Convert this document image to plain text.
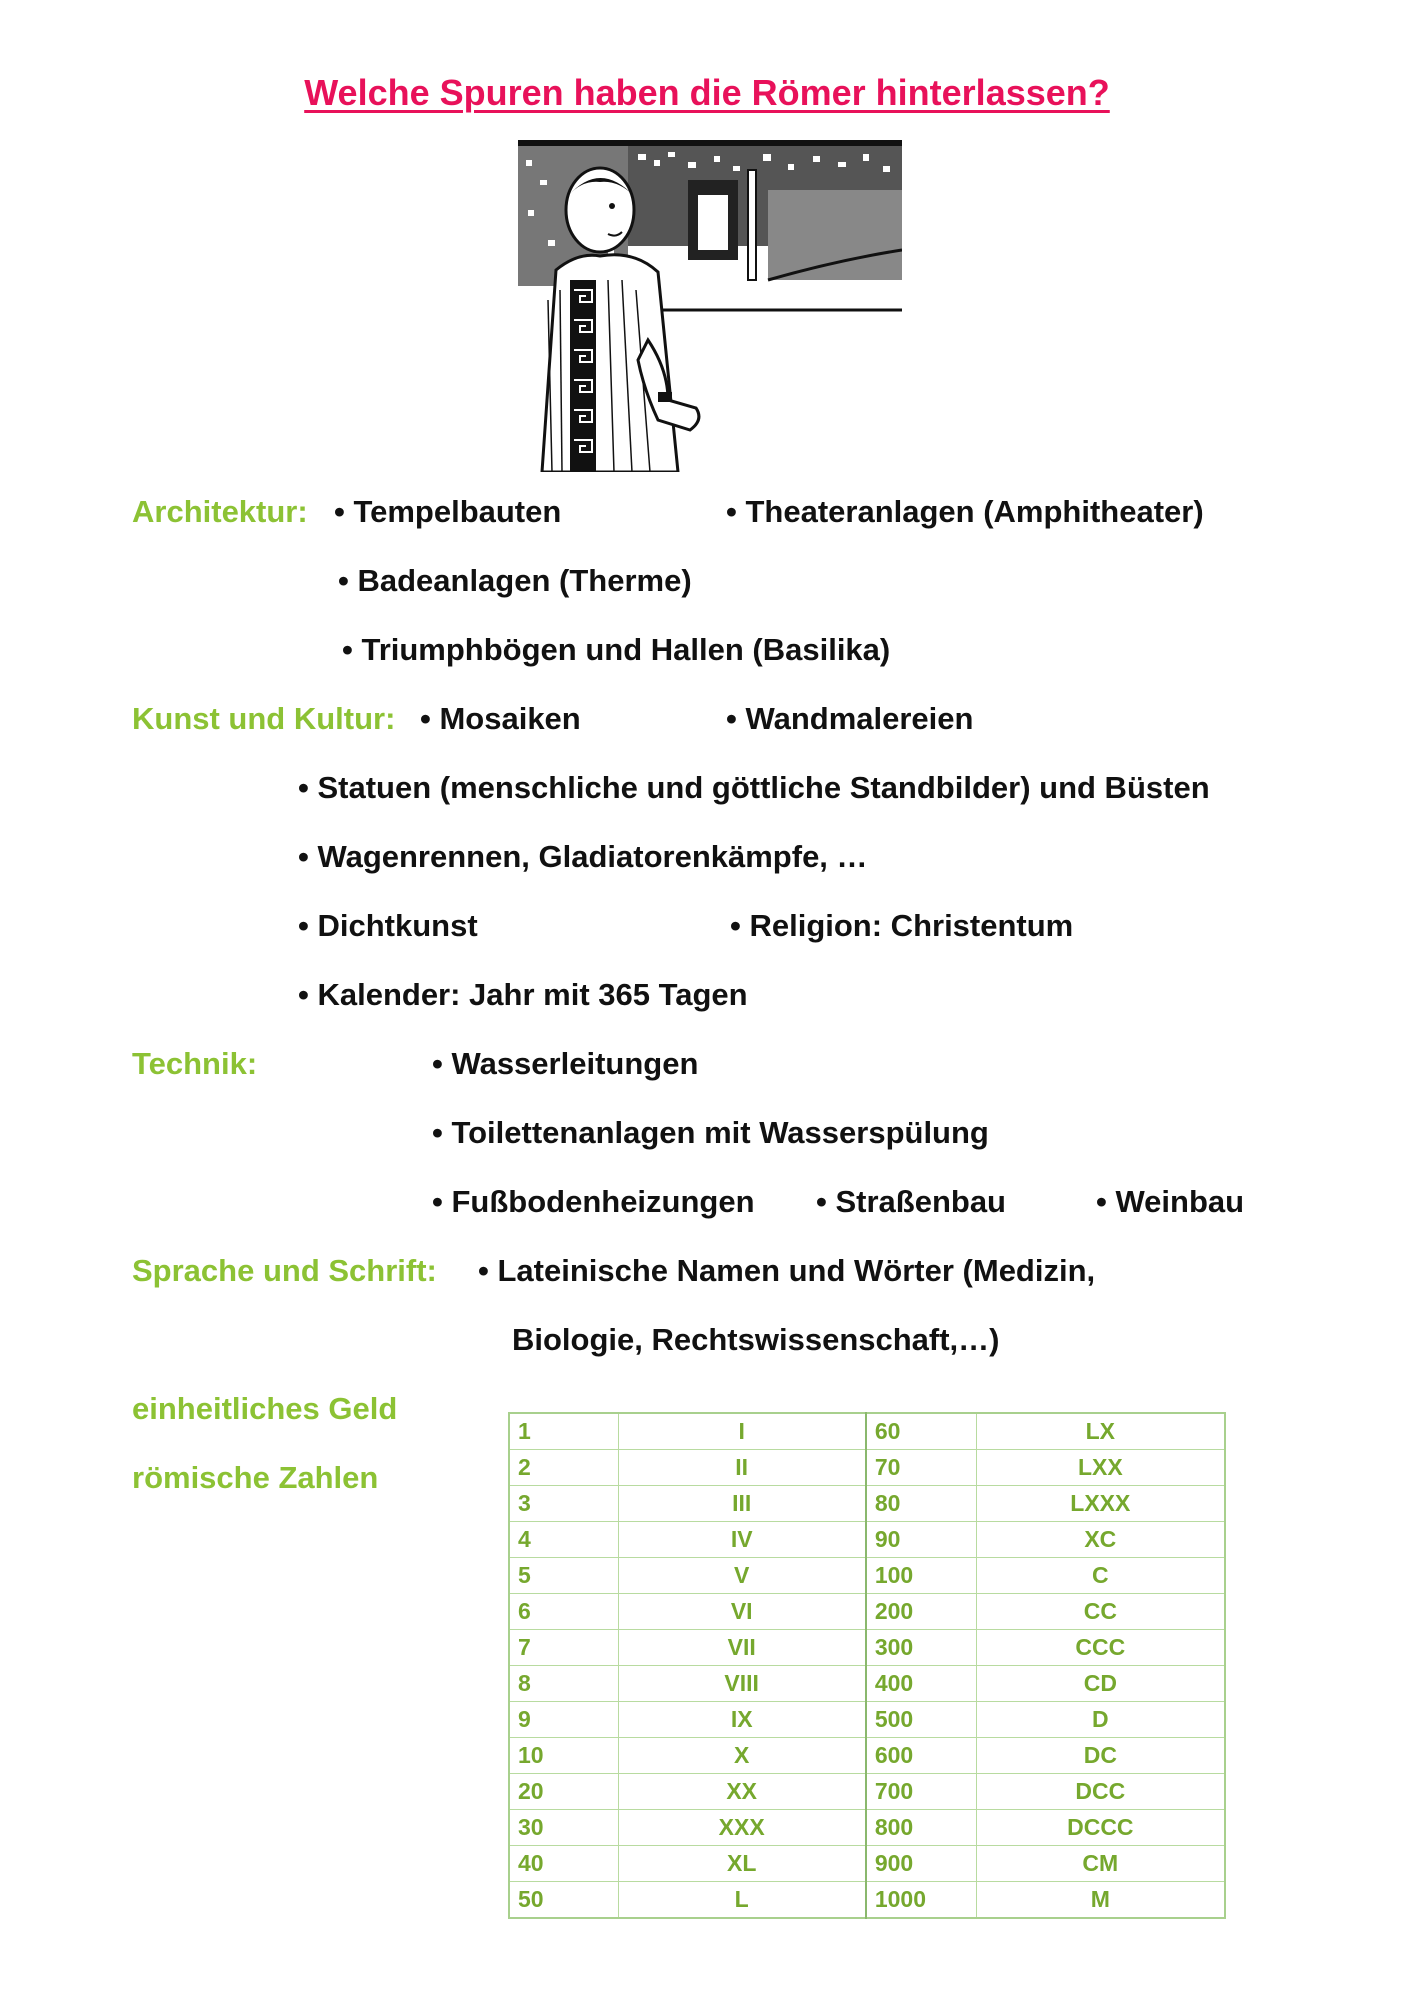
Welche Spuren haben die Römer hinterlassen?
Architektur: • Tempelbauten	• Theateranlagen (Amphitheater)
• Badeanlagen (Therme)
• Triumphbögen und Hallen (Basilika)
Kunst und Kultur: • Mosaiken	• Wandmalereien
• Statuen (menschliche und göttliche Standbilder) und Büsten
• Wagenrennen, Gladiatorenkämpfe, …
• Dichtkunst	• Religion: Christentum
• Kalender: Jahr mit 365 Tagen
Technik:	• Wasserleitungen
• Toilettenanlagen mit Wasserspülung
• Fußbodenheizungen • Straßenbau	• Weinbau
Sprache und Schrift: • Lateinische Namen und Wörter (Medizin,
Biologie, Rechtswissenschaft,…)
einheitliches Geld
römische Zahlen
1	I	60	LX
2	II	70	LXX
3	III	80	LXXX
4	IV	90	XC
5	V	100	C
6	VI	200	CC
7	VII	300	CCC
8	VIII	400	CD
9	IX	500	D
10	X	600	DC
20	XX	700	DCC
30	XXX	800	DCCC
40	XL	900	CM
50	L	1000	M
